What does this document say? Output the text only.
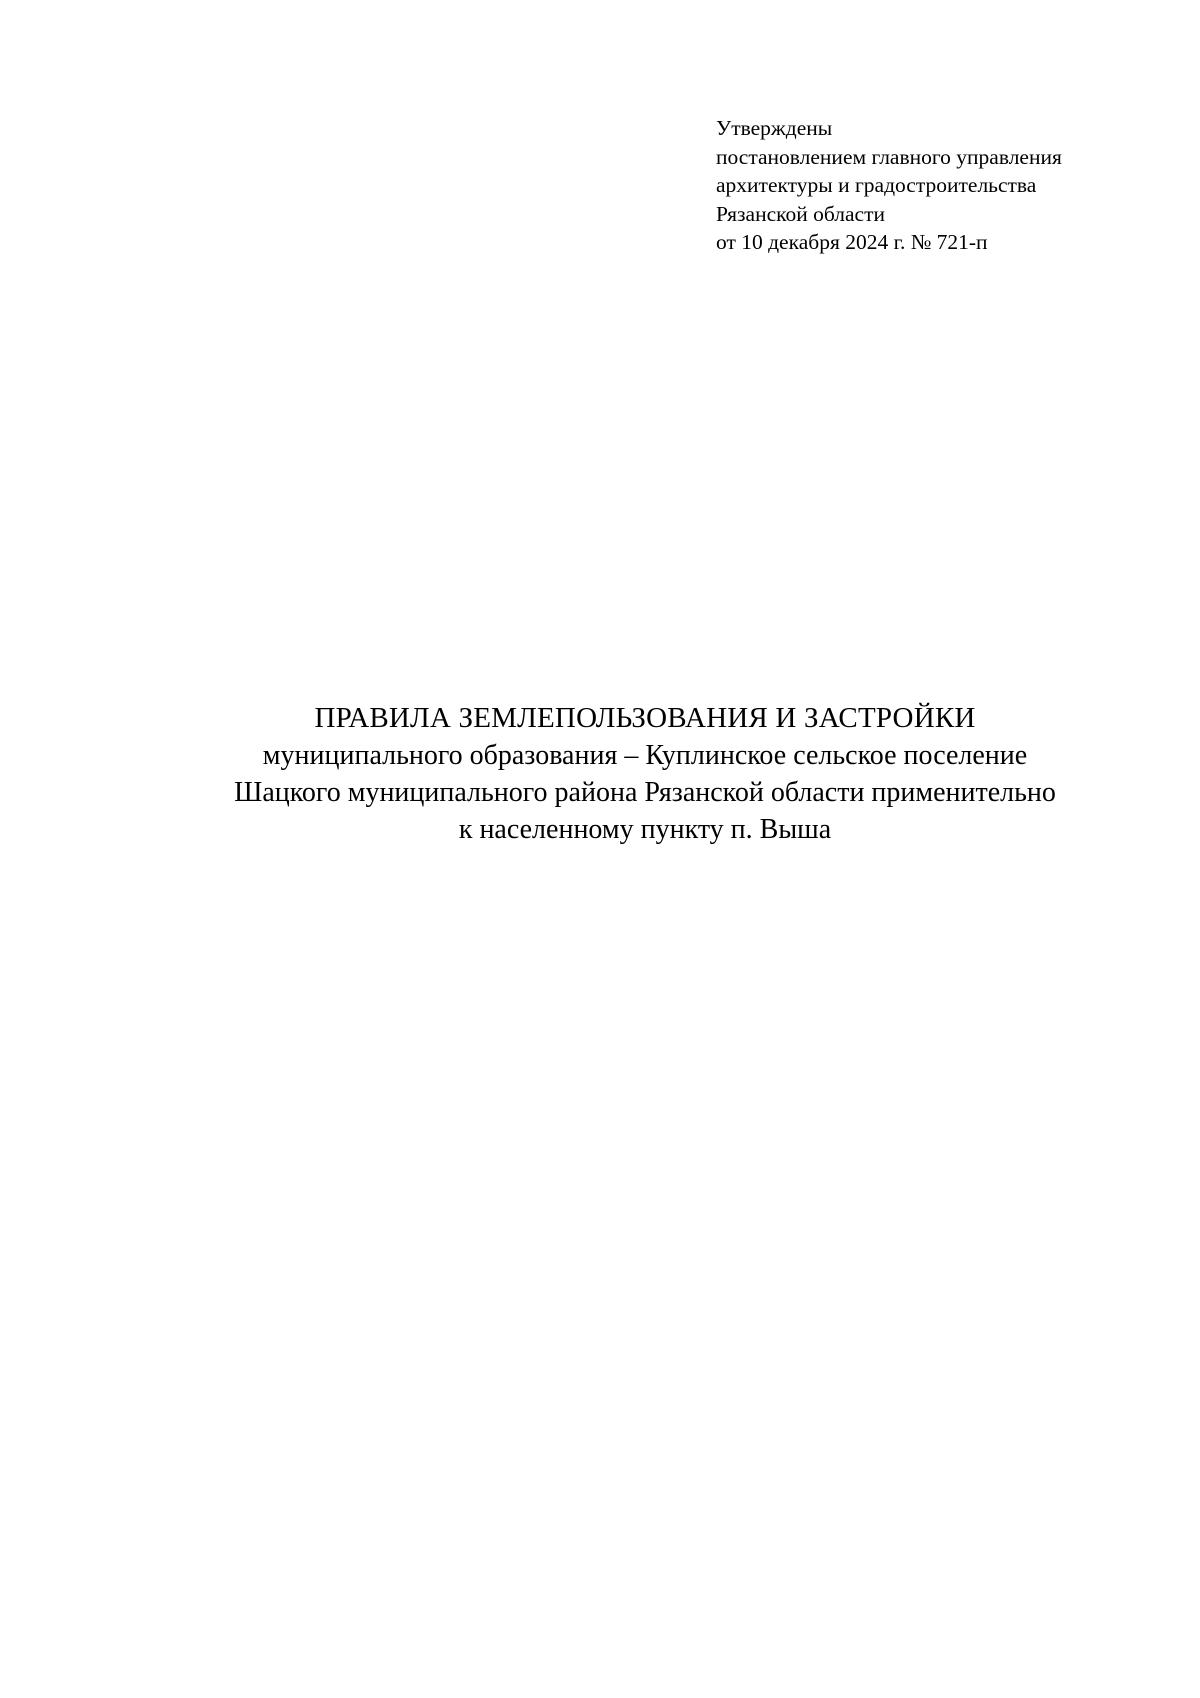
Утверждены
постановлением главного управления
архитектуры и градостроительства
Рязанской области
от 10 декабря 2024 г. № 721-п
ПРАВИЛА ЗЕМЛЕПОЛЬЗОВАНИЯ И ЗАСТРОЙКИ
муниципального образования – Куплинское сельское поселение
Шацкого муниципального района Рязанской области применительно
к населенному пункту п. Выша
